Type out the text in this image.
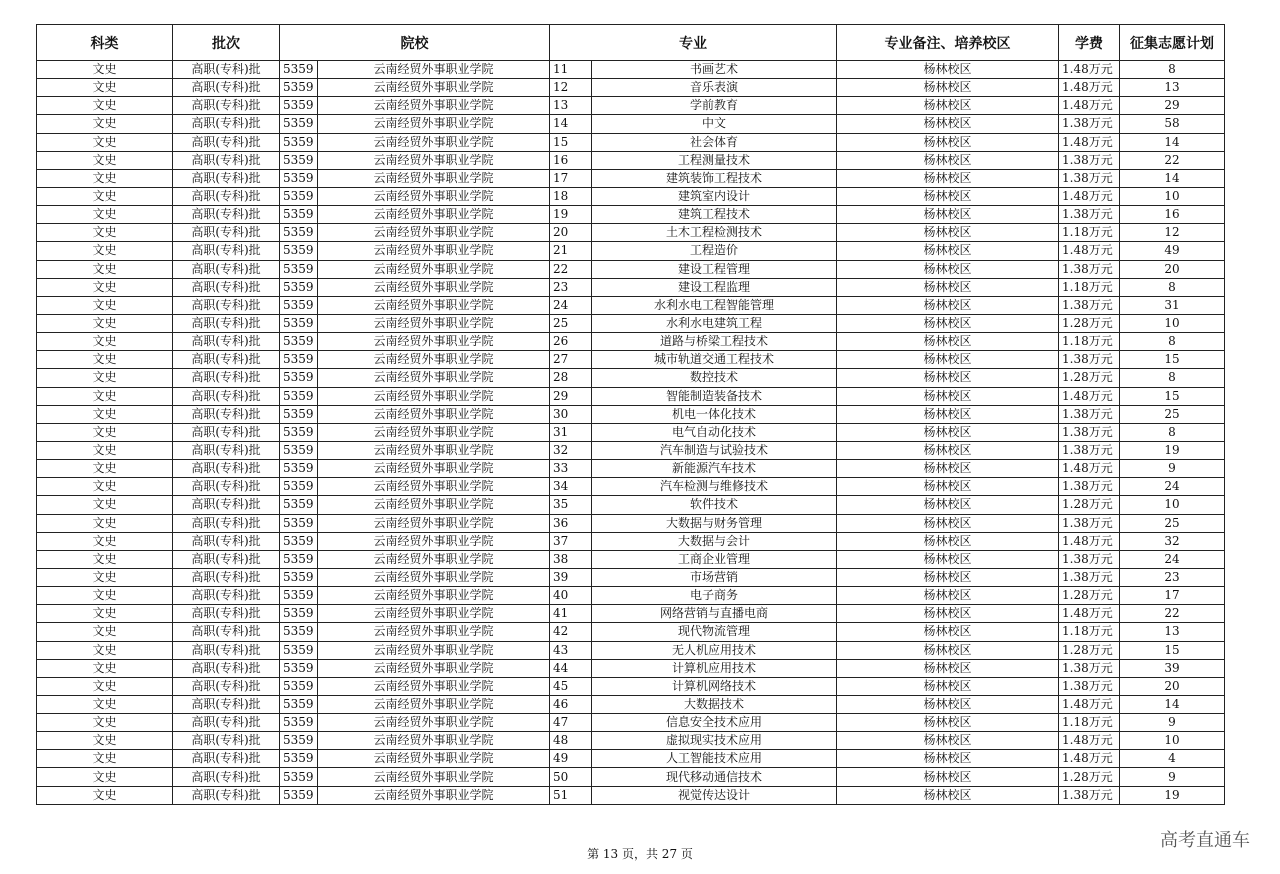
科类	批次	院校		专业		专业备注、培养校区	学费	征集志愿计划
文史	高职(专科)批	5359	云南经贸外事职业学院	11	书画艺术	杨林校区	1.48万元	8
文史	高职(专科)批	5359	云南经贸外事职业学院	12	音乐表演	杨林校区	1.48万元	13
文史	高职(专科)批	5359	云南经贸外事职业学院	13	学前教育	杨林校区	1.48万元	29
文史	高职(专科)批	5359	云南经贸外事职业学院	14	中文	杨林校区	1.38万元	58
文史	高职(专科)批	5359	云南经贸外事职业学院	15	社会体育	杨林校区	1.48万元	14
文史	高职(专科)批	5359	云南经贸外事职业学院	16	工程测量技术	杨林校区	1.38万元	22
文史	高职(专科)批	5359	云南经贸外事职业学院	17	建筑装饰工程技术	杨林校区	1.38万元	14
文史	高职(专科)批	5359	云南经贸外事职业学院	18	建筑室内设计	杨林校区	1.48万元	10
文史	高职(专科)批	5359	云南经贸外事职业学院	19	建筑工程技术	杨林校区	1.38万元	16
文史	高职(专科)批	5359	云南经贸外事职业学院	20	土木工程检测技术	杨林校区	1.18万元	12
文史	高职(专科)批	5359	云南经贸外事职业学院	21	工程造价	杨林校区	1.48万元	49
文史	高职(专科)批	5359	云南经贸外事职业学院	22	建设工程管理	杨林校区	1.38万元	20
文史	高职(专科)批	5359	云南经贸外事职业学院	23	建设工程监理	杨林校区	1.18万元	8
文史	高职(专科)批	5359	云南经贸外事职业学院	24	水利水电工程智能管理	杨林校区	1.38万元	31
文史	高职(专科)批	5359	云南经贸外事职业学院	25	水利水电建筑工程	杨林校区	1.28万元	10
文史	高职(专科)批	5359	云南经贸外事职业学院	26	道路与桥梁工程技术	杨林校区	1.18万元	8
文史	高职(专科)批	5359	云南经贸外事职业学院	27	城市轨道交通工程技术	杨林校区	1.38万元	15
文史	高职(专科)批	5359	云南经贸外事职业学院	28	数控技术	杨林校区	1.28万元	8
文史	高职(专科)批	5359	云南经贸外事职业学院	29	智能制造装备技术	杨林校区	1.48万元	15
文史	高职(专科)批	5359	云南经贸外事职业学院	30	机电一体化技术	杨林校区	1.38万元	25
文史	高职(专科)批	5359	云南经贸外事职业学院	31	电气自动化技术	杨林校区	1.38万元	8
文史	高职(专科)批	5359	云南经贸外事职业学院	32	汽车制造与试验技术	杨林校区	1.38万元	19
文史	高职(专科)批	5359	云南经贸外事职业学院	33	新能源汽车技术	杨林校区	1.48万元	9
文史	高职(专科)批	5359	云南经贸外事职业学院	34	汽车检测与维修技术	杨林校区	1.38万元	24
文史	高职(专科)批	5359	云南经贸外事职业学院	35	软件技术	杨林校区	1.28万元	10
文史	高职(专科)批	5359	云南经贸外事职业学院	36	大数据与财务管理	杨林校区	1.38万元	25
文史	高职(专科)批	5359	云南经贸外事职业学院	37	大数据与会计	杨林校区	1.48万元	32
文史	高职(专科)批	5359	云南经贸外事职业学院	38	工商企业管理	杨林校区	1.38万元	24
文史	高职(专科)批	5359	云南经贸外事职业学院	39	市场营销	杨林校区	1.38万元	23
文史	高职(专科)批	5359	云南经贸外事职业学院	40	电子商务	杨林校区	1.28万元	17
文史	高职(专科)批	5359	云南经贸外事职业学院	41	网络营销与直播电商	杨林校区	1.48万元	22
文史	高职(专科)批	5359	云南经贸外事职业学院	42	现代物流管理	杨林校区	1.18万元	13
文史	高职(专科)批	5359	云南经贸外事职业学院	43	无人机应用技术	杨林校区	1.28万元	15
文史	高职(专科)批	5359	云南经贸外事职业学院	44	计算机应用技术	杨林校区	1.38万元	39
文史	高职(专科)批	5359	云南经贸外事职业学院	45	计算机网络技术	杨林校区	1.38万元	20
文史	高职(专科)批	5359	云南经贸外事职业学院	46	大数据技术	杨林校区	1.48万元	14
文史	高职(专科)批	5359	云南经贸外事职业学院	47	信息安全技术应用	杨林校区	1.18万元	9
文史	高职(专科)批	5359	云南经贸外事职业学院	48	虚拟现实技术应用	杨林校区	1.48万元	10
文史	高职(专科)批	5359	云南经贸外事职业学院	49	人工智能技术应用	杨林校区	1.48万元	4
文史	高职(专科)批	5359	云南经贸外事职业学院	50	现代移动通信技术	杨林校区	1.28万元	9
文史	高职(专科)批	5359	云南经贸外事职业学院	51	视觉传达设计	杨林校区	1.38万元	19
第 13 页，共 27 页
高考直通车
